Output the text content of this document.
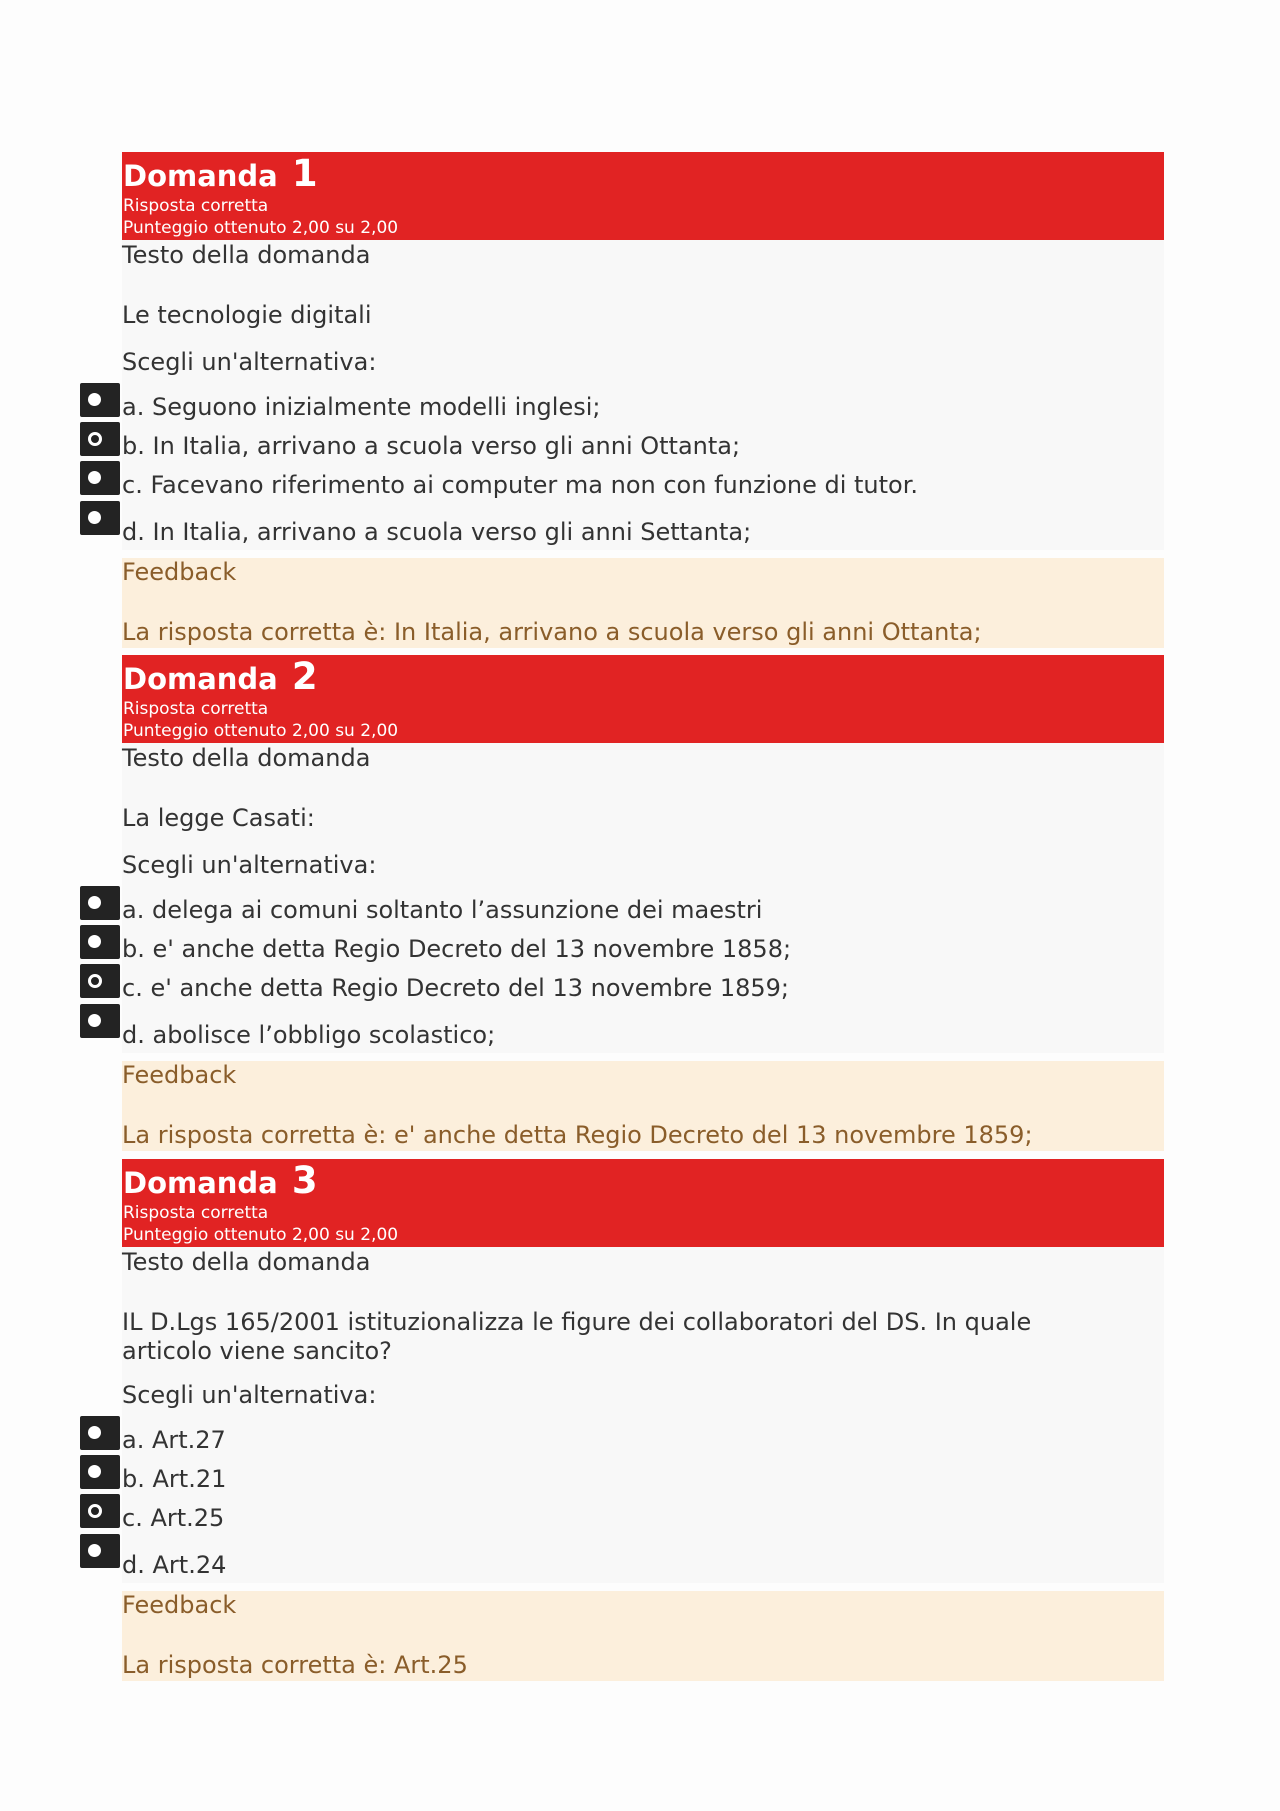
Domanda 1
Risposta corretta
Punteggio ottenuto 2,00 su 2,00
Testo della domanda
Le tecnologie digitali
Scegli un'alternativa:
a. Seguono inizialmente modelli inglesi;
b. In Italia, arrivano a scuola verso gli anni Ottanta;
c. Facevano riferimento ai computer ma non con funzione di tutor.
d. In Italia, arrivano a scuola verso gli anni Settanta;
Feedback
La risposta corretta è: In Italia, arrivano a scuola verso gli anni Ottanta;
Domanda 2
Risposta corretta
Punteggio ottenuto 2,00 su 2,00
Testo della domanda
La legge Casati:
Scegli un'alternativa:
a. delega ai comuni soltanto l’assunzione dei maestri
b. e' anche detta Regio Decreto del 13 novembre 1858;
c. e' anche detta Regio Decreto del 13 novembre 1859;
d. abolisce l’obbligo scolastico;
Feedback
La risposta corretta è: e' anche detta Regio Decreto del 13 novembre 1859;
Domanda 3
Risposta corretta
Punteggio ottenuto 2,00 su 2,00
Testo della domanda
IL D.Lgs 165/2001 istituzionalizza le figure dei collaboratori del DS. In quale articolo viene sancito?
Scegli un'alternativa:
a. Art.27
b. Art.21
c. Art.25
d. Art.24
Feedback
La risposta corretta è: Art.25
